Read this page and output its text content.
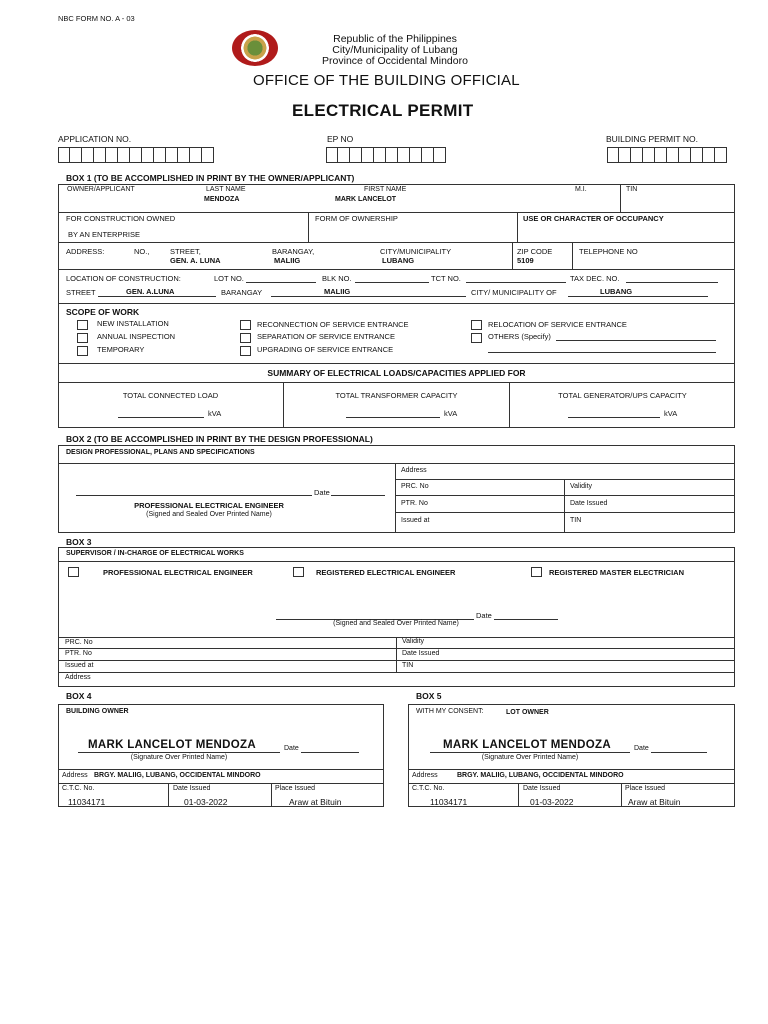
NBC FORM NO. A - 03
Republic of the Philippines
City/Municipality of Lubang
Province of Occidental Mindoro
OFFICE OF THE BUILDING OFFICIAL
ELECTRICAL PERMIT
APPLICATION NO.	EP NO	BUILDING PERMIT NO.
BOX 1 (TO BE ACCOMPLISHED IN PRINT BY THE OWNER/APPLICANT)
OWNER/APPLICANT	LAST NAME
MENDOZA
FIRST NAME
MARK LANCELOT
M.I.	TIN
FOR CONSTRUCTION OWNED
BY AN ENTERPRISE
FORM OF OWNERSHIP	USE OR CHARACTER OF OCCUPANCY
ADDRESS:	NO.,	STREET,
GEN. A. LUNA
BARANGAY,
MALIIG
CITY/MUNICIPALITY
LUBANG
ZIP CODE
5109
TELEPHONE NO
LOCATION OF CONSTRUCTION:	LOT NO.	BLK NO.	TCT NO.	TAX DEC. NO.
STREET	GEN. A.LUNA	BARANGAY	MALIIG	CITY/ MUNICIPALITY OF	LUBANG
SCOPE OF WORK
NEW INSTALLATION
ANNUAL INSPECTION
TEMPORARY
RECONNECTION OF SERVICE ENTRANCE
SEPARATION OF SERVICE ENTRANCE
UPGRADING OF SERVICE ENTRANCE
RELOCATION OF SERVICE ENTRANCE
OTHERS (Specify)
SUMMARY OF ELECTRICAL LOADS/CAPACITIES APPLIED FOR
TOTAL CONNECTED LOAD
kVA
TOTAL TRANSFORMER CAPACITY
kVA
TOTAL GENERATOR/UPS CAPACITY
kVA
BOX 2 (TO BE ACCOMPLISHED IN PRINT BY THE DESIGN PROFESSIONAL)
DESIGN PROFESSIONAL, PLANS AND SPECIFICATIONS
Date
PROFESSIONAL ELECTRICAL ENGINEER
(Signed and Sealed Over Printed Name)
Address
PRC. No	Validity
PTR. No	Date Issued
Issued at	TIN
BOX 3
SUPERVISOR / IN-CHARGE OF ELECTRICAL WORKS
PROFESSIONAL ELECTRICAL ENGINEER	REGISTERED ELECTRICAL ENGINEER	REGISTERED MASTER ELECTRICIAN
Date
(Signed and Sealed Over Printed Name)
PRC. No	Validity
PTR. No	Date Issued
Issued at	TIN
Address
BOX 4
BUILDING OWNER
MARK LANCELOT MENDOZA	Date
(Signature Over Printed Name)
Address BRGY. MALIIG, LUBANG, OCCIDENTAL MINDORO
C.T.C. No.
11034171
Date Issued
01-03-2022
Place Issued
Araw at Bituin
BOX 5
WITH MY CONSENT:	LOT OWNER
MARK LANCELOT MENDOZA	Date
(Signature Over Printed Name)
Address	BRGY. MALIIG, LUBANG, OCCIDENTAL MINDORO
C.T.C. No.
11034171
Date Issued
01-03-2022
Place Issued
Araw at Bituin
